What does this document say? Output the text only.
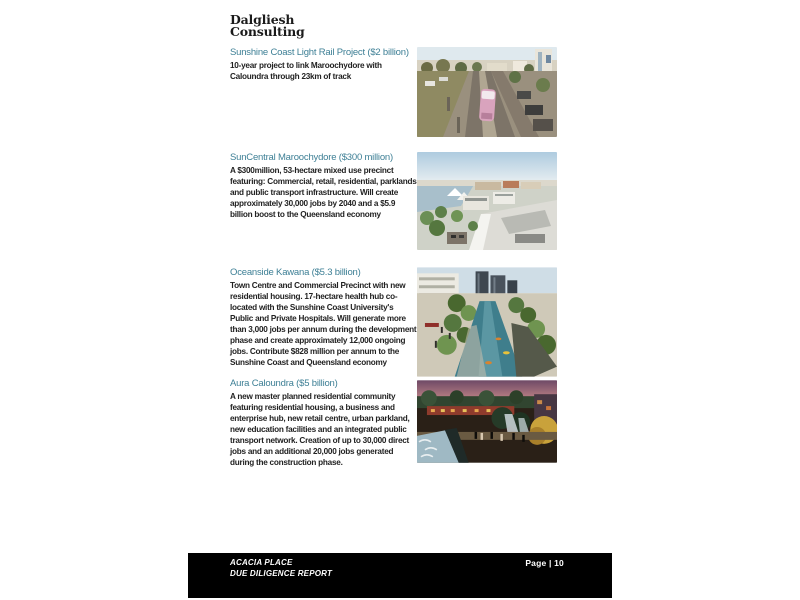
Dalgliesh
Consulting
Sunshine Coast Light Rail Project ($2 billion)

10-year project to link Maroochydore with Caloundra through 23km of track

SunCentral Maroochydore ($300 million)

A $300million, 53-hectare mixed use precinct featuring: Commercial, retail, residential, parklands and public transport infrastructure. Will create approximately 30,000 jobs by 2040 and a $5.9 billion boost to the Queensland economy

Oceanside Kawana ($5.3 billion)

Town Centre and Commercial Precinct with new residential housing. 17-hectare health hub co-located with the Sunshine Coast University's Public and Private Hospitals. Will generate more than 3,000 jobs per annum during the development phase and create approximately 12,000 ongoing jobs. Contribute $828 million per annum to the Sunshine Coast and Queensland economy

Aura Caloundra ($5 billion)

A new master planned residential community featuring residential housing, a business and enterprise hub, new retail centre, urban parkland, new education facilities and an integrated public transport network. Creation of up to 30,000 direct jobs and an additional 20,000 jobs generated during the construction phase.

ACACIA PLACE
DUE DILIGENCE REPORT
Page | 10
